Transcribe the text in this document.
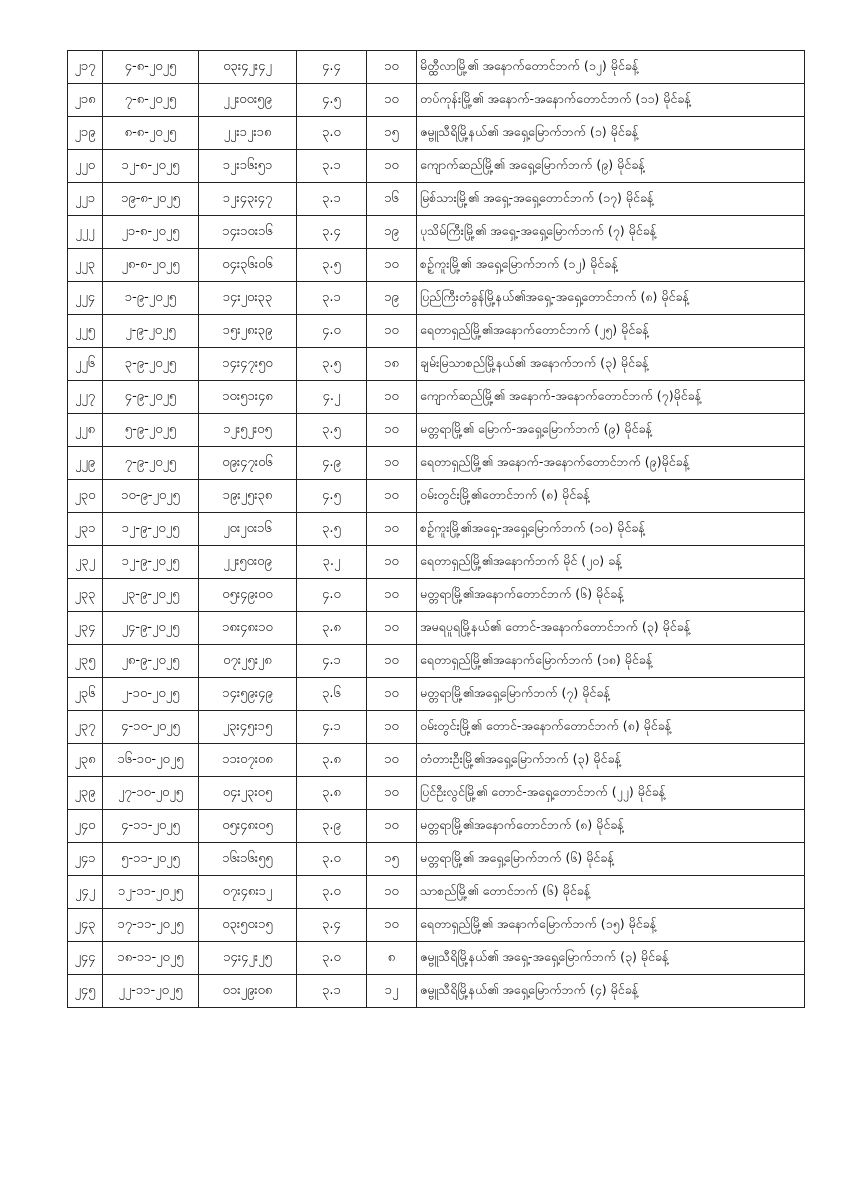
၂၁၇	၄-၈-၂၀၂၅	၀၃း၄၂း၄၂	၄.၄	၁၀	မိတ္ထီလာမြို့၏ အနောက်တောင်ဘက် (၁၂) မိုင်ခန့်
၂၁၈	၇-၈-၂၀၂၅	၂၂း၀၀း၅၉	၄.၅	၁၀	တပ်ကုန်းမြို့၏ အနောက်-အနောက်တောင်ဘက် (၁၁) မိုင်ခန့်
၂၁၉	၈-၈-၂၀၂၅	၂၂း၁၂း၁၈	၃.၀	၁၅	ဇမ္ဗူသီရိမြို့နယ်၏ အရှေ့မြောက်ဘက် (၁) မိုင်ခန့်
၂၂၀	၁၂-၈-၂၀၂၅	၁၂း၁၆း၅၁	၃.၁	၁၀	ကျောက်ဆည်မြို့၏ အရှေ့မြောက်ဘက် (၉) မိုင်ခန့်
၂၂၁	၁၉-၈-၂၀၂၅	၁၂း၄၃း၄၇	၃.၁	၁၆	မြစ်သားမြို့၏ အရှေ့-အရှေ့တောင်ဘက် (၁၇) မိုင်ခန့်
၂၂၂	၂၁-၈-၂၀၂၅	၁၄း၁၀း၁၆	၃.၄	၁၉	ပုသိမ်ကြီးမြို့၏ အရှေ့-အရှေ့မြောက်ဘက် (၇) မိုင်ခန့်
၂၂၃	၂၈-၈-၂၀၂၅	၀၄း၃၆း၀၆	၃.၅	၁၀	စဉ့်ကူးမြို့၏ အရှေ့မြောက်ဘက် (၁၂) မိုင်ခန့်
၂၂၄	၁-၉-၂၀၂၅	၁၄း၂၀း၃၃	၃.၁	၁၉	ပြည်ကြီးတံခွန်မြို့နယ်၏အရှေ့-အရှေ့တောင်ဘက် (၈) မိုင်ခန့်
၂၂၅	၂-၉-၂၀၂၅	၁၅း၂၈း၃၉	၄.၀	၁၀	ရေတာရှည်မြို့၏အနောက်တောင်ဘက် (၂၅) မိုင်ခန့်
၂၂၆	၃-၉-၂၀၂၅	၁၄း၄၇း၅၀	၃.၅	၁၈	ချမ်းမြသာစည်မြို့နယ်၏ အနောက်ဘက် (၃) မိုင်ခန့်
၂၂၇	၄-၉-၂၀၂၅	၁၀း၅၁း၄၈	၄.၂	၁၀	ကျောက်ဆည်မြို့၏ အနောက်-အနောက်တောင်ဘက် (၇)မိုင်ခန့်
၂၂၈	၅-၉-၂၀၂၅	၁၂း၅၂း၀၅	၃.၅	၁၀	မတ္တရာမြို့၏ မြောက်-အရှေ့မြောက်ဘက် (၉) မိုင်ခန့်
၂၂၉	၇-၉-၂၀၂၅	၀၉း၄၇း၀၆	၄.၉	၁၀	ရေတာရှည်မြို့၏ အနောက်-အနောက်တောင်ဘက် (၉)မိုင်ခန့်
၂၃၀	၁၀-၉-၂၀၂၅	၁၉း၂၅း၃၈	၄.၅	၁၀	ဝမ်းတွင်းမြို့၏တောင်ဘက် (၈) မိုင်ခန့်
၂၃၁	၁၂-၉-၂၀၂၅	၂၀း၂၀း၁၆	၃.၅	၁၀	စဉ့်ကူးမြို့၏အရှေ့-အရှေ့မြောက်ဘက် (၁၀) မိုင်ခန့်
၂၃၂	၁၂-၉-၂၀၂၅	၂၂း၅၀း၀၉	၃.၂	၁၀	ရေတာရှည်မြို့၏အနောက်ဘက် မိုင် (၂၀) ခန့်
၂၃၃	၂၃-၉-၂၀၂၅	၀၅း၄၉း၀၀	၄.၀	၁၀	မတ္တရာမြို့၏အနောက်တောင်ဘက် (၆) မိုင်ခန့်
၂၃၄	၂၄-၉-၂၀၂၅	၁၈း၄၈း၁၀	၃.၈	၁၀	အမရပူရမြို့နယ်၏ တောင်-အနောက်တောင်ဘက် (၃) မိုင်ခန့်
၂၃၅	၂၈-၉-၂၀၂၅	၀၇း၂၅း၂၈	၄.၁	၁၀	ရေတာရှည်မြို့၏အနောက်မြောက်ဘက် (၁၈) မိုင်ခန့်
၂၃၆	၂-၁၀-၂၀၂၅	၁၄း၅၉း၄၉	၃.၆	၁၀	မတ္တရာမြို့၏အရှေ့မြောက်ဘက် (၇) မိုင်ခန့်
၂၃၇	၄-၁၀-၂၀၂၅	၂၃း၄၅း၁၅	၄.၁	၁၀	ဝမ်းတွင်းမြို့၏ တောင်-အနောက်တောင်ဘက် (၈) မိုင်ခန့်
၂၃၈	၁၆-၁၀-၂၀၂၅	၁၁း၀၇း၀၈	၃.၈	၁၀	တံတားဦးမြို့၏အရှေ့မြောက်ဘက် (၃) မိုင်ခန့်
၂၃၉	၂၇-၁၀-၂၀၂၅	၀၄း၂၃း၀၅	၃.၈	၁၀	ပြင်ဦးလွင်မြို့၏ တောင်-အရှေ့တောင်ဘက် (၂၂) မိုင်ခန့်
၂၄၀	၄-၁၁-၂၀၂၅	၀၅း၄၈း၀၅	၃.၉	၁၀	မတ္တရာမြို့၏အနောက်တောင်ဘက် (၈) မိုင်ခန့်
၂၄၁	၅-၁၁-၂၀၂၅	၁၆း၁၆း၅၅	၃.၀	၁၅	မတ္တရာမြို့၏ အရှေ့မြောက်ဘက် (၆) မိုင်ခန့်
၂၄၂	၁၂-၁၁-၂၀၂၅	၀၇း၄၈း၁၂	၃.၀	၁၀	သာစည်မြို့၏ တောင်ဘက် (၆) မိုင်ခန့်
၂၄၃	၁၇-၁၁-၂၀၂၅	၀၃း၅၀း၁၅	၃.၄	၁၀	ရေတာရှည်မြို့၏ အနောက်မြောက်ဘက် (၁၅) မိုင်ခန့်
၂၄၄	၁၈-၁၁-၂၀၂၅	၁၄း၄၂း၂၅	၃.၀	၈	ဇမ္ဗူသီရိမြို့နယ်၏ အရှေ့-အရှေ့မြောက်ဘက် (၃) မိုင်ခန့်
၂၄၅	၂၂-၁၁-၂၀၂၅	၀၁း၂၉း၀၈	၃.၁	၁၂	ဇမ္ဗူသီရိမြို့နယ်၏ အရှေ့မြောက်ဘက် (၄) မိုင်ခန့်
